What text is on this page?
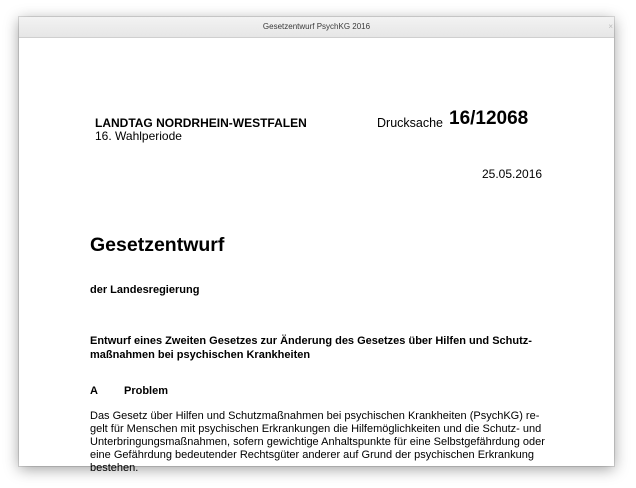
Gesetzentwurf PsychKG 2016	×
LANDTAG NORDRHEIN-WESTFALEN
16. Wahlperiode
Drucksache 16/12068
25.05.2016
Gesetzentwurf
der Landesregierung
Entwurf eines Zweiten Gesetzes zur Änderung des Gesetzes über Hilfen und Schutz-
maßnahmen bei psychischen Krankheiten
A Problem
Das Gesetz über Hilfen und Schutzmaßnahmen bei psychischen Krankheiten (PsychKG) re-
gelt für Menschen mit psychischen Erkrankungen die Hilfemöglichkeiten und die Schutz- und
Unterbringungsmaßnahmen, sofern gewichtige Anhaltspunkte für eine Selbstgefährdung oder
eine Gefährdung bedeutender Rechtsgüter anderer auf Grund der psychischen Erkrankung
bestehen.
